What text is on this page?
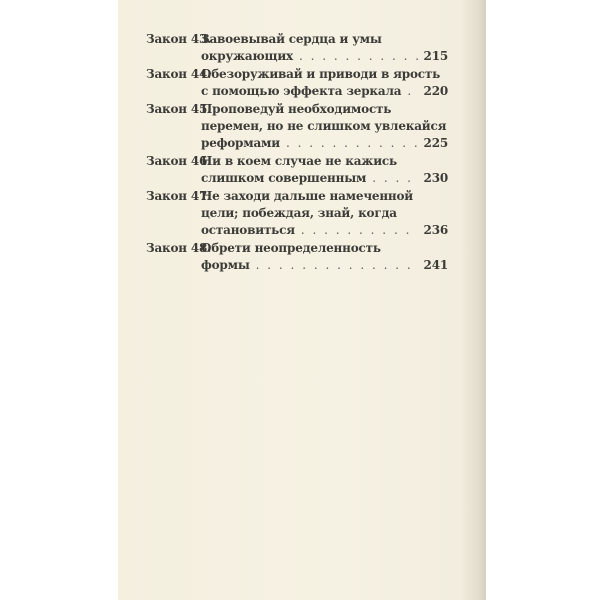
Закон 43.
Завоевывай сердца и умы
окружающих . . .	215
Закон 44.
Обезоруживай и приводи в ярость
с помощью эффекта зеркала . . . 220
Закон 45.
Проповедуй необходимость
перемен, но не слишком увлекайся
реформами . . .	225
Закон 46.
Ни в коем случае не кажись
слишком совершенным . . .	230
Закон 47.
Не заходи дальше намеченной
цели; побеждая, знай, когда
остановиться . . .	236
Закон 48.
Обрети неопределенность
формы . . .	241
